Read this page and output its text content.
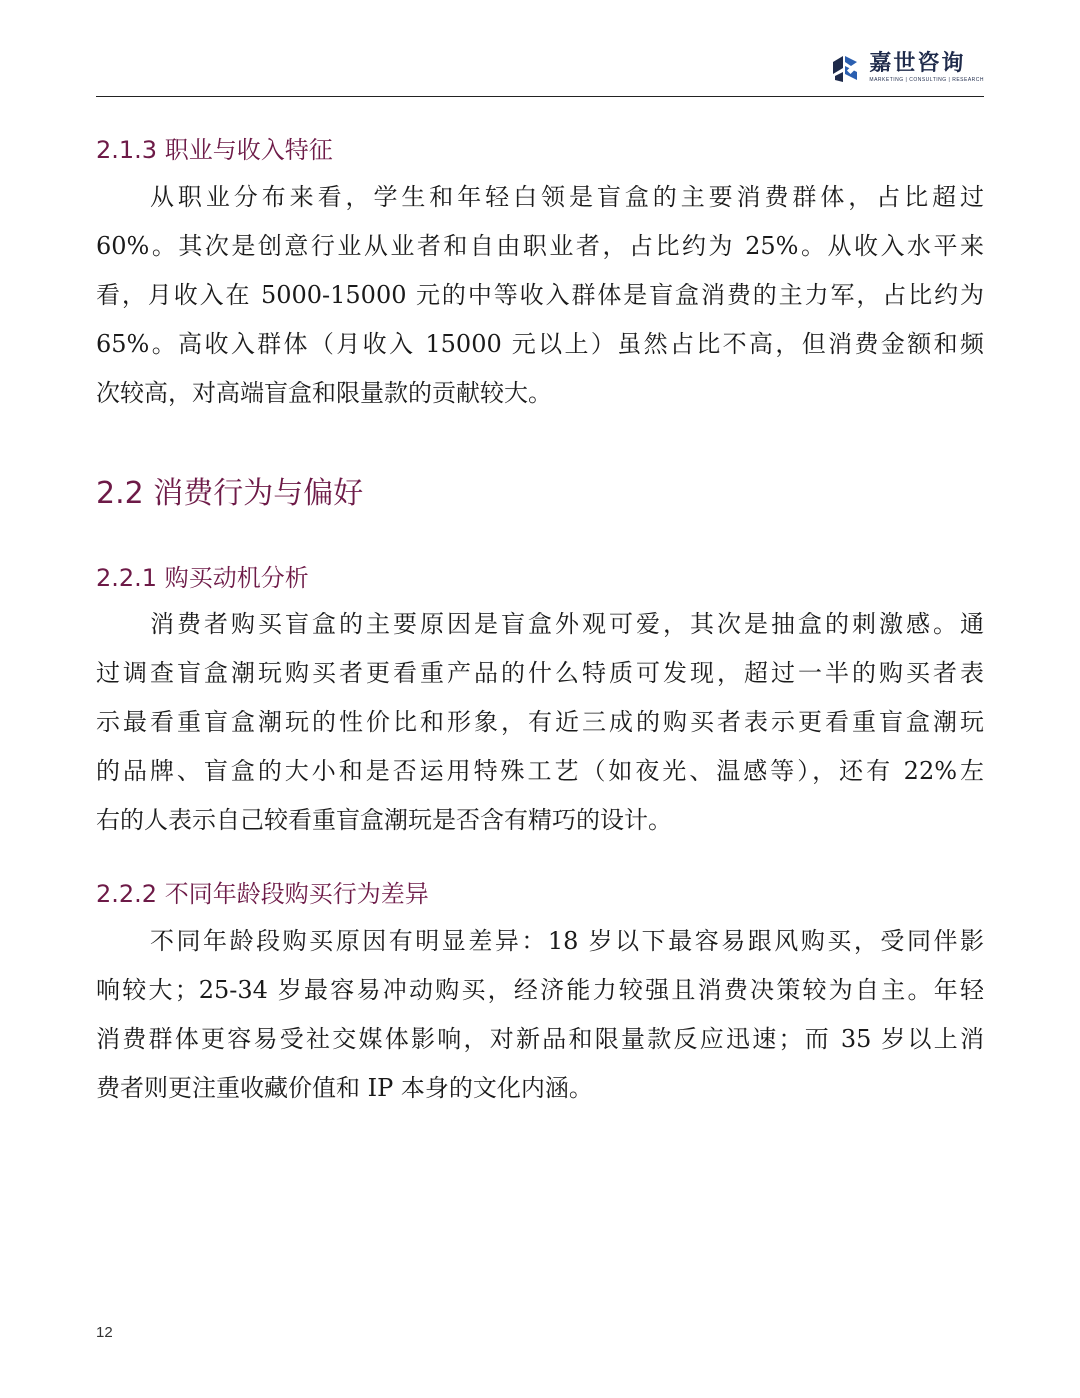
嘉世咨询
MARKETING | CONSULTING | RESEARCH
2.1.3 职业与收入特征
从职业分布来看，学生和年轻白领是盲盒的主要消费群体，占比超过
60%。其次是创意行业从业者和自由职业者，占比约为 25%。从收入水平来
看，月收入在 5000-15000 元的中等收入群体是盲盒消费的主力军，占比约为
65%。高收入群体（月收入 15000 元以上）虽然占比不高，但消费金额和频
次较高，对高端盲盒和限量款的贡献较大。
2.2 消费行为与偏好
2.2.1 购买动机分析
消费者购买盲盒的主要原因是盲盒外观可爱，其次是抽盒的刺激感。通
过调查盲盒潮玩购买者更看重产品的什么特质可发现，超过一半的购买者表
示最看重盲盒潮玩的性价比和形象，有近三成的购买者表示更看重盲盒潮玩
的品牌、盲盒的大小和是否运用特殊工艺（如夜光、温感等），还有 22%左
右的人表示自己较看重盲盒潮玩是否含有精巧的设计。
2.2.2 不同年龄段购买行为差异
不同年龄段购买原因有明显差异：18 岁以下最容易跟风购买，受同伴影
响较大；25-34 岁最容易冲动购买，经济能力较强且消费决策较为自主。年轻
消费群体更容易受社交媒体影响，对新品和限量款反应迅速；而 35 岁以上消
费者则更注重收藏价值和 IP 本身的文化内涵。
12
